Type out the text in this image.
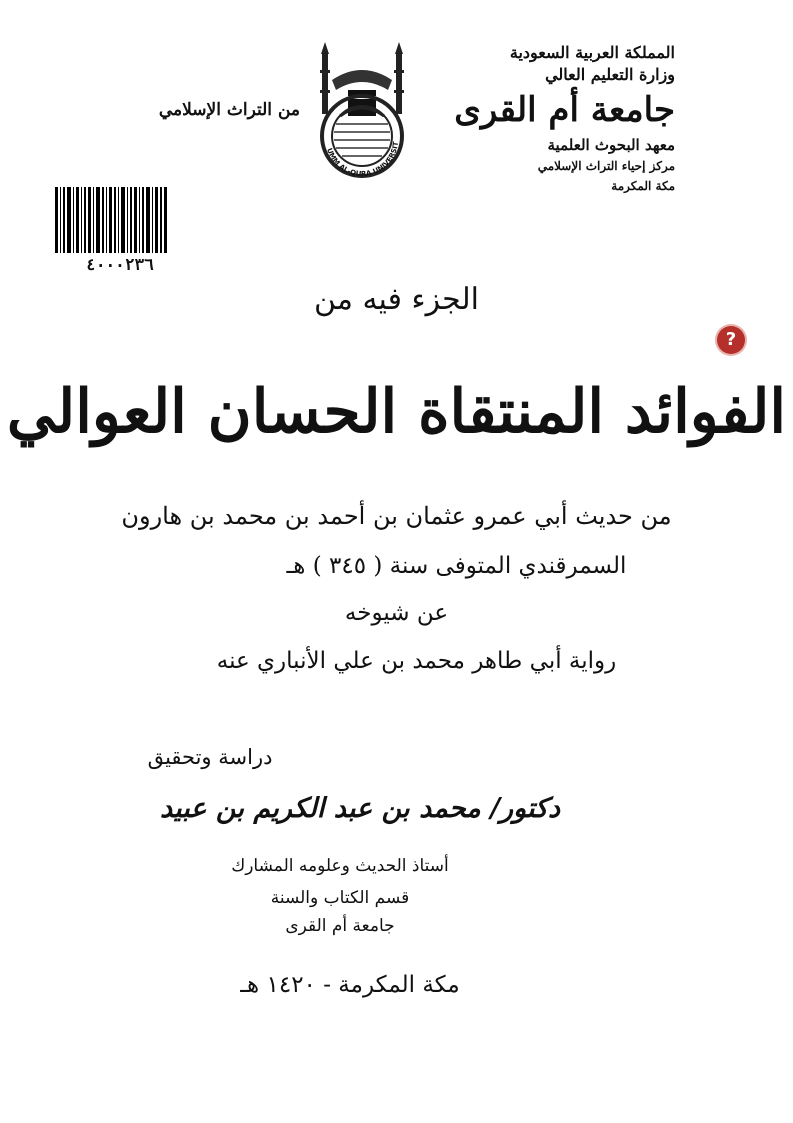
المملكة العربية السعودية
وزارة التعليم العالي
جامعة أم القرى
معهد البحوث العلمية
مركز إحياء التراث الإسلامي
مكة المكرمة
UMM AL-QURA UNIVERSIT
من التراث الإسلامي
٤٠٠٠٢٣٦
?
الجزء فيه من
الفوائد المنتقاة الحسان العوالي
من حديث أبي عمرو عثمان بن أحمد بن محمد بن هارون
السمرقندي المتوفى سنة ( ٣٤٥ ) هـ
عن شيوخه
رواية أبي طاهر محمد بن علي الأنباري عنه
دراسة وتحقيق
دكتور/ محمد بن عبد الكريم بن عبيد
أستاذ الحديث وعلومه المشارك
قسم الكتاب والسنة
جامعة أم القرى
مكة المكرمة - ١٤٢٠ هـ
